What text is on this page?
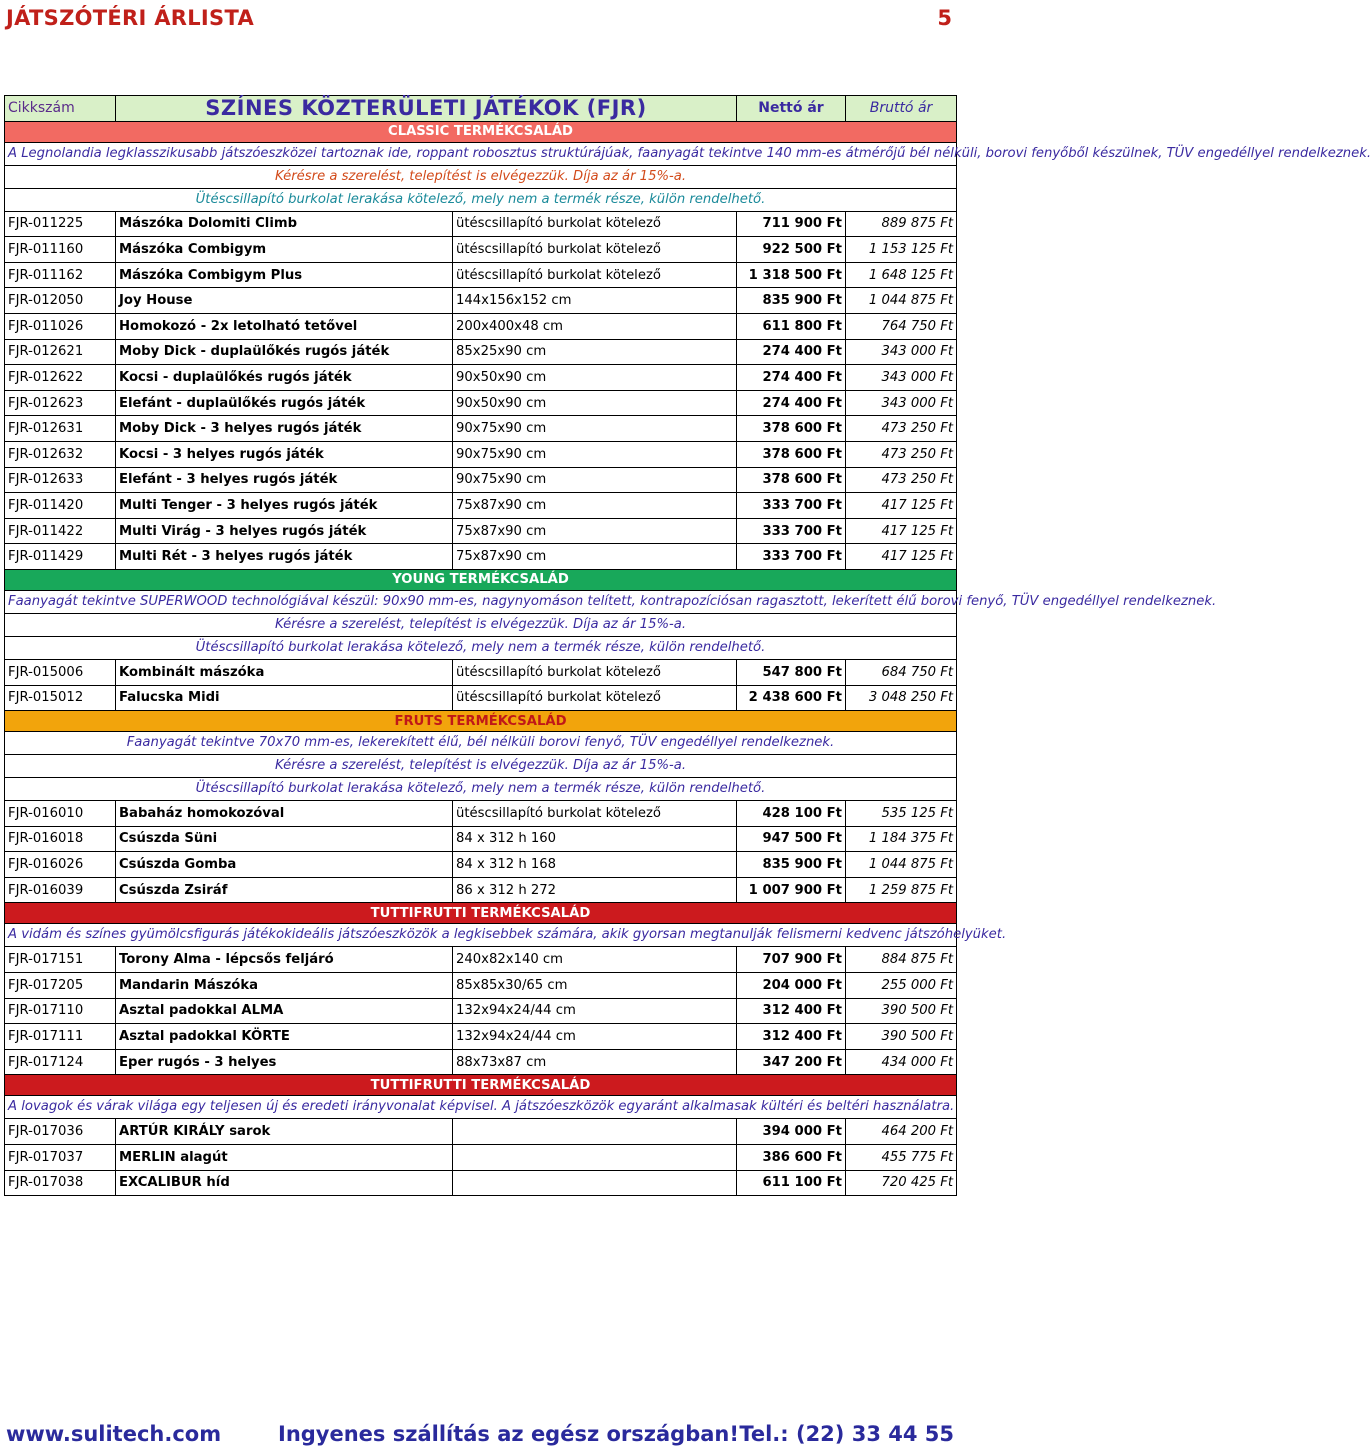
JÁTSZÓTÉRI ÁRLISTA	5
Cikkszám	SZÍNES KÖZTERÜLETI JÁTÉKOK (FJR)		Nettó ár	Bruttó ár
CLASSIC TERMÉKCSALÁD				
A Legnolandia legklasszikusabb játszóeszközei tartoznak ide, roppant robosztus struktúrájúak, faanyagát tekintve 140 mm-es átmérőjű bél nélküli, borovi fenyőből készülnek, TÜV engedéllyel rendelkeznek.				
Kérésre a szerelést, telepítést is elvégezzük. Díja az ár 15%-a.				
Ütéscsillapító burkolat lerakása kötelező, mely nem a termék része, külön rendelhető.				
FJR-011225	Mászóka Dolomiti Climb	ütéscsillapító burkolat kötelező	711 900 Ft	889 875 Ft
FJR-011160	Mászóka Combigym	ütéscsillapító burkolat kötelező	922 500 Ft	1 153 125 Ft
FJR-011162	Mászóka Combigym Plus	ütéscsillapító burkolat kötelező	1 318 500 Ft	1 648 125 Ft
FJR-012050	Joy House	144x156x152 cm	835 900 Ft	1 044 875 Ft
FJR-011026	Homokozó - 2x letolható tetővel	200x400x48 cm	611 800 Ft	764 750 Ft
FJR-012621	Moby Dick - duplaülőkés rugós játék	85x25x90 cm	274 400 Ft	343 000 Ft
FJR-012622	Kocsi - duplaülőkés rugós játék	90x50x90 cm	274 400 Ft	343 000 Ft
FJR-012623	Elefánt - duplaülőkés rugós játék	90x50x90 cm	274 400 Ft	343 000 Ft
FJR-012631	Moby Dick - 3 helyes rugós játék	90x75x90 cm	378 600 Ft	473 250 Ft
FJR-012632	Kocsi - 3 helyes rugós játék	90x75x90 cm	378 600 Ft	473 250 Ft
FJR-012633	Elefánt - 3 helyes rugós játék	90x75x90 cm	378 600 Ft	473 250 Ft
FJR-011420	Multi Tenger - 3 helyes rugós játék	75x87x90 cm	333 700 Ft	417 125 Ft
FJR-011422	Multi Virág - 3 helyes rugós játék	75x87x90 cm	333 700 Ft	417 125 Ft
FJR-011429	Multi Rét - 3 helyes rugós játék	75x87x90 cm	333 700 Ft	417 125 Ft
YOUNG TERMÉKCSALÁD				
Faanyagát tekintve SUPERWOOD technológiával készül: 90x90 mm-es, nagynyomáson telített, kontrapozíciósan ragasztott, lekerített élű borovi fenyő, TÜV engedéllyel rendelkeznek.				
Kérésre a szerelést, telepítést is elvégezzük. Díja az ár 15%-a.				
Ütéscsillapító burkolat lerakása kötelező, mely nem a termék része, külön rendelhető.				
FJR-015006	Kombinált mászóka	ütéscsillapító burkolat kötelező	547 800 Ft	684 750 Ft
FJR-015012	Falucska Midi	ütéscsillapító burkolat kötelező	2 438 600 Ft	3 048 250 Ft
FRUTS TERMÉKCSALÁD				
Faanyagát tekintve 70x70 mm-es, lekerekített élű, bél nélküli borovi fenyő, TÜV engedéllyel rendelkeznek.				
Kérésre a szerelést, telepítést is elvégezzük. Díja az ár 15%-a.				
Ütéscsillapító burkolat lerakása kötelező, mely nem a termék része, külön rendelhető.				
FJR-016010	Babaház homokozóval	ütéscsillapító burkolat kötelező	428 100 Ft	535 125 Ft
FJR-016018	Csúszda Süni	84 x 312 h 160	947 500 Ft	1 184 375 Ft
FJR-016026	Csúszda Gomba	84 x 312 h 168	835 900 Ft	1 044 875 Ft
FJR-016039	Csúszda Zsiráf	86 x 312 h 272	1 007 900 Ft	1 259 875 Ft
TUTTIFRUTTI TERMÉKCSALÁD				
A vidám és színes gyümölcsfigurás játékokideális játszóeszközök a legkisebbek számára, akik gyorsan megtanulják felismerni kedvenc játszóhelyüket.				
FJR-017151	Torony Alma - lépcsős feljáró	240x82x140 cm	707 900 Ft	884 875 Ft
FJR-017205	Mandarin Mászóka	85x85x30/65 cm	204 000 Ft	255 000 Ft
FJR-017110	Asztal padokkal ALMA	132x94x24/44 cm	312 400 Ft	390 500 Ft
FJR-017111	Asztal padokkal KÖRTE	132x94x24/44 cm	312 400 Ft	390 500 Ft
FJR-017124	Eper rugós - 3 helyes	88x73x87 cm	347 200 Ft	434 000 Ft
TUTTIFRUTTI TERMÉKCSALÁD				
A lovagok és várak világa egy teljesen új és eredeti irányvonalat képvisel. A játszóeszközök egyaránt alkalmasak kültéri és beltéri használatra.				
FJR-017036	ARTÚR KIRÁLY sarok		394 000 Ft	464 200 Ft
FJR-017037	MERLIN alagút		386 600 Ft	455 775 Ft
FJR-017038	EXCALIBUR híd		611 100 Ft	720 425 Ft
www.sulitech.com	Ingyenes szállítás az egész országban! Tel.: (22) 33 44 55
